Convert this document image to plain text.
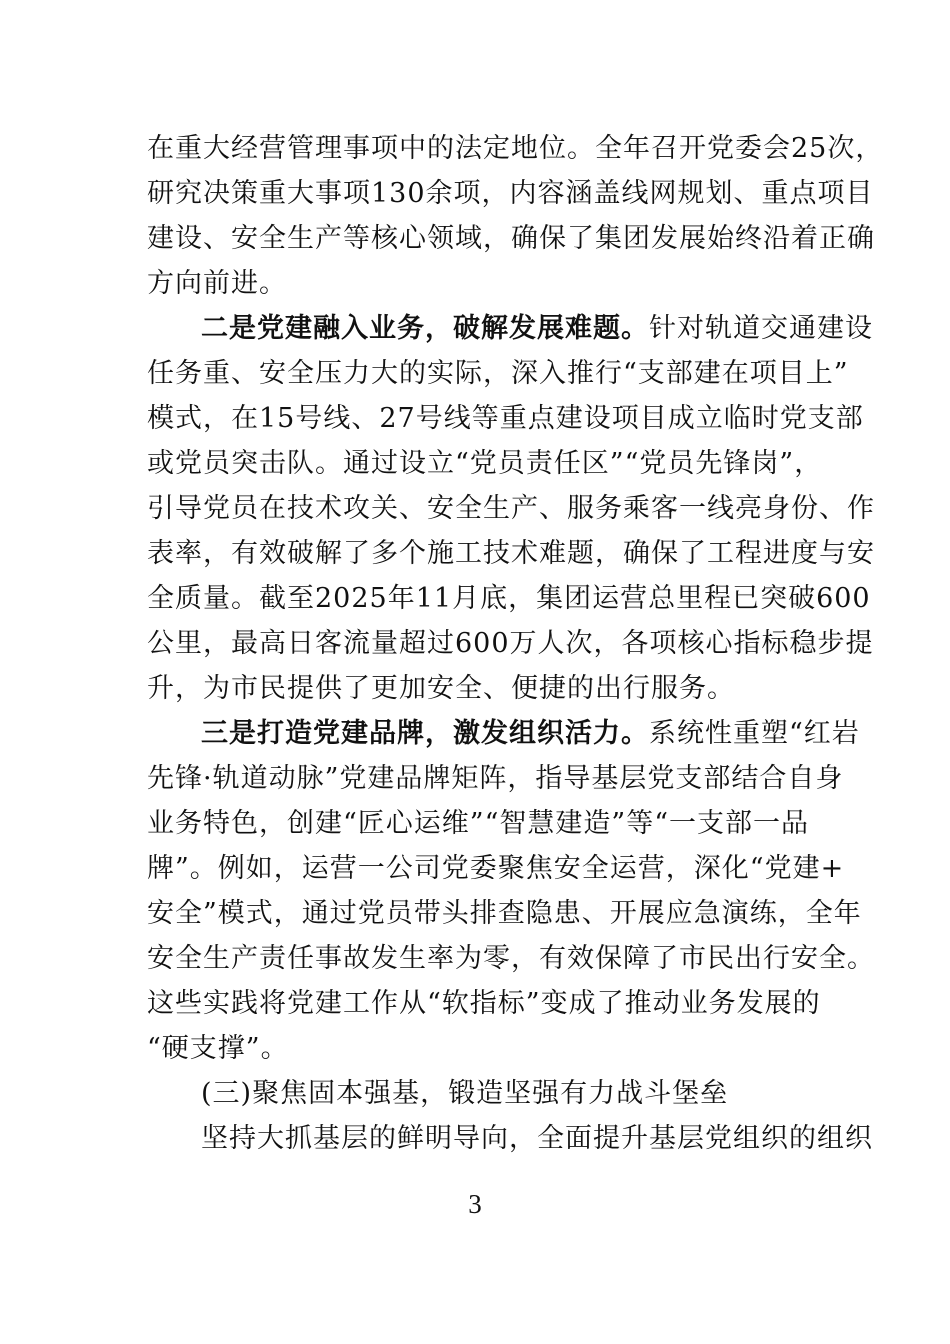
在重大经营管理事项中的法定地位。全年召开党委会25次，
研究决策重大事项130余项，内容涵盖线网规划、重点项目
建设、安全生产等核心领域，确保了集团发展始终沿着正确
方向前进。
二是党建融入业务，破解发展难题。针对轨道交通建设
任务重、安全压力大的实际，深入推行“支部建在项目上”
模式，在15号线、27号线等重点建设项目成立临时党支部
或党员突击队。通过设立“党员责任区”“党员先锋岗”，
引导党员在技术攻关、安全生产、服务乘客一线亮身份、作
表率，有效破解了多个施工技术难题，确保了工程进度与安
全质量。截至2025年11月底，集团运营总里程已突破600
公里，最高日客流量超过600万人次，各项核心指标稳步提
升，为市民提供了更加安全、便捷的出行服务。
三是打造党建品牌，激发组织活力。系统性重塑“红岩
先锋·轨道动脉”党建品牌矩阵，指导基层党支部结合自身
业务特色，创建“匠心运维”“智慧建造”等“一支部一品
牌”。例如，运营一公司党委聚焦安全运营，深化“党建+
安全”模式，通过党员带头排查隐患、开展应急演练，全年
安全生产责任事故发生率为零，有效保障了市民出行安全。
这些实践将党建工作从“软指标”变成了推动业务发展的
“硬支撑”。
(三)聚焦固本强基，锻造坚强有力战斗堡垒
坚持大抓基层的鲜明导向，全面提升基层党组织的组织
3
